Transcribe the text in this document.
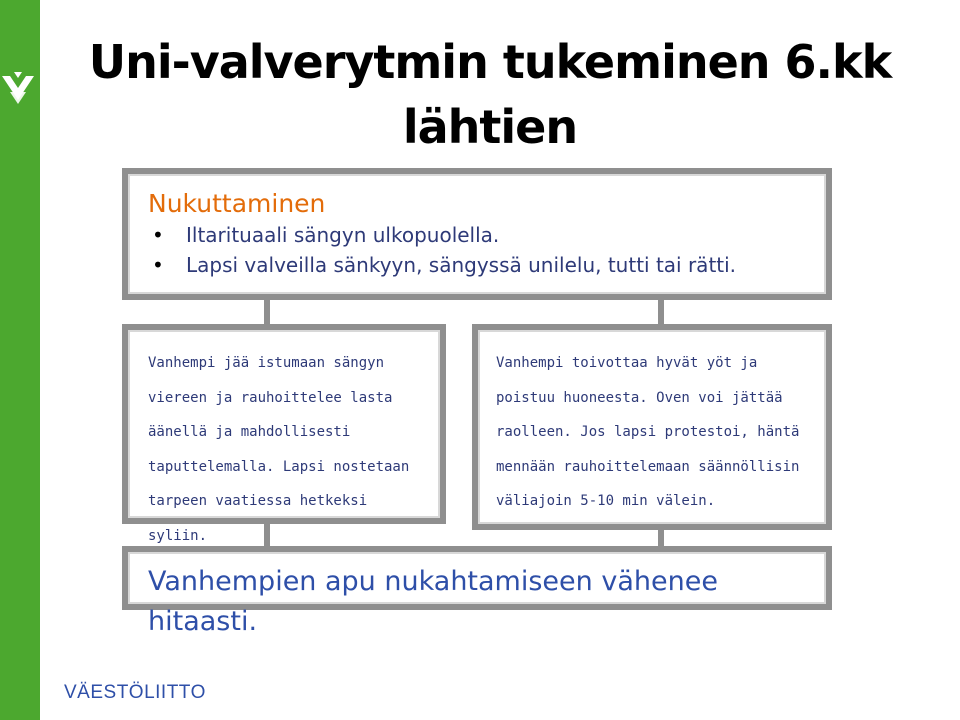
Uni-valverytmin tukeminen 6.kk lähtien
Nukuttaminen
• Iltarituaali sängyn ulkopuolella.
• Lapsi valveilla sänkyyn, sängyssä unilelu, tutti tai rätti.
Vanhempi jää istumaan sängyn viereen ja rauhoittelee lasta äänellä ja mahdollisesti taputtelemalla. Lapsi nostetaan tarpeen vaatiessa hetkeksi syliin.
Vanhempi toivottaa hyvät yöt ja poistuu huoneesta. Oven voi jättää raolleen. Jos lapsi protestoi, häntä mennään rauhoittelemaan säännöllisin väliajoin 5-10 min välein.
Vanhempien apu nukahtamiseen vähenee hitaasti.
VÄESTÖLIITTO
